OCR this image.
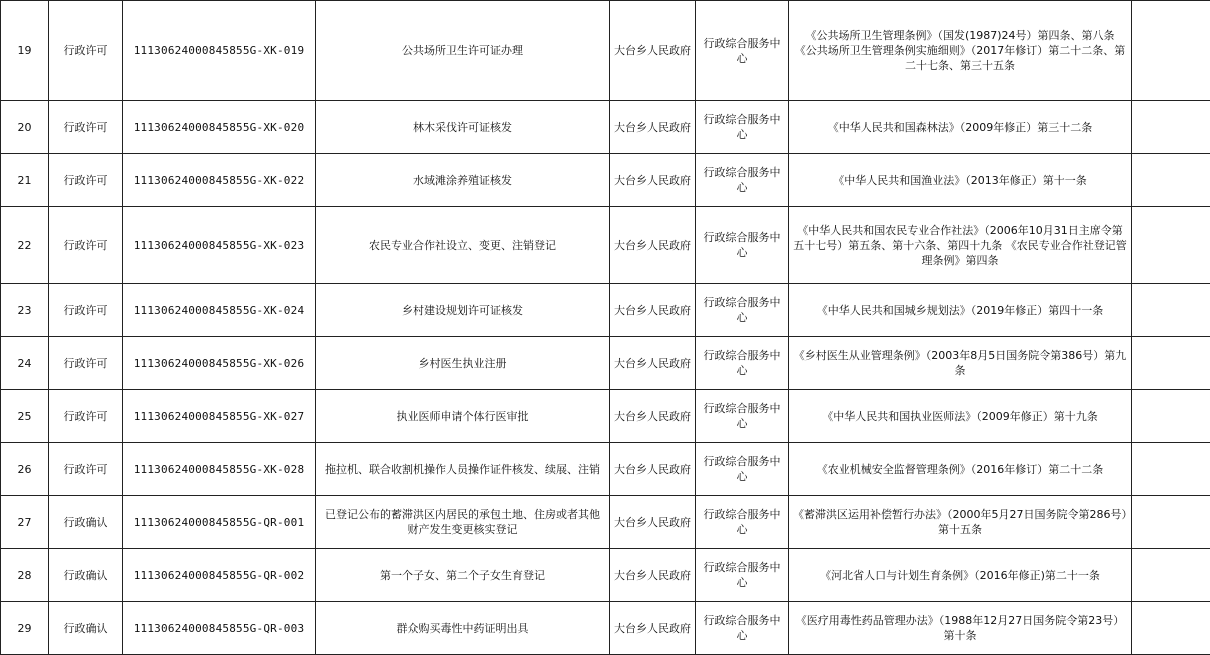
19	行政许可	11130624000845855G-XK-019	公共场所卫生许可证办理	大台乡人民政府	行政综合服务中心	《公共场所卫生管理条例》（国发(1987)24号）第四条、第八条 《公共场所卫生管理条例实施细则》（2017年修订）第二十二条、第二十七条、第三十五条	
20	行政许可	11130624000845855G-XK-020	林木采伐许可证核发	大台乡人民政府	行政综合服务中心	《中华人民共和国森林法》（2009年修正）第三十二条	
21	行政许可	11130624000845855G-XK-022	水域滩涂养殖证核发	大台乡人民政府	行政综合服务中心	《中华人民共和国渔业法》（2013年修正）第十一条	
22	行政许可	11130624000845855G-XK-023	农民专业合作社设立、变更、注销登记	大台乡人民政府	行政综合服务中心	《中华人民共和国农民专业合作社法》（2006年10月31日主席令第五十七号）第五条、第十六条、第四十九条 《农民专业合作社登记管理条例》第四条	
23	行政许可	11130624000845855G-XK-024	乡村建设规划许可证核发	大台乡人民政府	行政综合服务中心	《中华人民共和国城乡规划法》（2019年修正）第四十一条	
24	行政许可	11130624000845855G-XK-026	乡村医生执业注册	大台乡人民政府	行政综合服务中心	《乡村医生从业管理条例》（2003年8月5日国务院令第386号）第九条	
25	行政许可	11130624000845855G-XK-027	执业医师申请个体行医审批	大台乡人民政府	行政综合服务中心	《中华人民共和国执业医师法》（2009年修正）第十九条	
26	行政许可	11130624000845855G-XK-028	拖拉机、联合收割机操作人员操作证件核发、续展、注销	大台乡人民政府	行政综合服务中心	《农业机械安全监督管理条例》（2016年修订）第二十二条	
27	行政确认	11130624000845855G-QR-001	已登记公布的蓄滞洪区内居民的承包土地、住房或者其他财产发生变更核实登记	大台乡人民政府	行政综合服务中心	《蓄滞洪区运用补偿暂行办法》（2000年5月27日国务院令第286号）第十五条	
28	行政确认	11130624000845855G-QR-002	第一个子女、第二个子女生育登记	大台乡人民政府	行政综合服务中心	《河北省人口与计划生育条例》（2016年修正)第二十一条	
29	行政确认	11130624000845855G-QR-003	群众购买毒性中药证明出具	大台乡人民政府	行政综合服务中心	《医疗用毒性药品管理办法》（1988年12月27日国务院令第23号）第十条	
